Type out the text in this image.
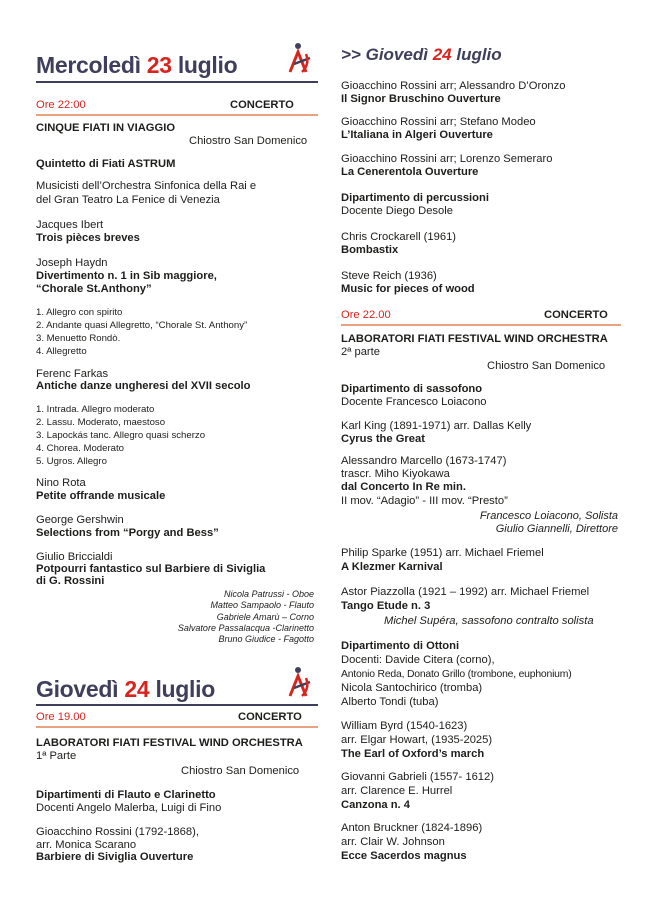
Mercoledì 23 luglio
Ore 22:00	CONCERTO
CINQUE FIATI IN VIAGGIO
Chiostro San Domenico
Quintetto di Fiati ASTRUM
Musicisti dell’Orchestra Sinfonica della Rai e
del Gran Teatro La Fenice di Venezia
Jacques Ibert
Trois pièces breves
Joseph Haydn
Divertimento n. 1 in Sib maggiore,
“Chorale St.Anthony”
1. Allegro con spirito
2. Andante quasi Allegretto, “Chorale St. Anthony”
3. Menuetto Rondò.
4. Allegretto
Ferenc Farkas
Antiche danze ungheresi del XVII secolo
1. Intrada. Allegro moderato
2. Lassu. Moderato, maestoso
3. Lapockás tanc. Allegro quasi scherzo
4. Chorea. Moderato
5. Ugros. Allegro
Nino Rota
Petite offrande musicale
George Gershwin
Selections from “Porgy and Bess”
Giulio Briccialdi
Potpourri fantastico sul Barbiere di Siviglia
di G. Rossini
Nicola Patrussi - Oboe
Matteo Sampaolo - Flauto
Gabriele Amarù – Corno
Salvatore Passalacqua -Clarinetto
Bruno Giudice - Fagotto
Giovedì 24 luglio
Ore 19.00	CONCERTO
LABORATORI FIATI FESTIVAL WIND ORCHESTRA
1ª Parte
Chiostro San Domenico
Dipartimenti di Flauto e Clarinetto
Docenti Angelo Malerba, Luigi di Fino
Gioacchino Rossini (1792-1868),
arr. Monica Scarano
Barbiere di Siviglia Ouverture
>> Giovedì 24 luglio
Gioacchino Rossini arr; Alessandro D’Oronzo
Il Signor Bruschino Ouverture
Gioacchino Rossini arr; Stefano Modeo
L’Italiana in Algeri Ouverture
Gioacchino Rossini arr; Lorenzo Semeraro
La Cenerentola Ouverture
Dipartimento di percussioni
Docente Diego Desole
Chris Crockarell (1961)
Bombastix
Steve Reich (1936)
Music for pieces of wood
Ore 22.00	CONCERTO
LABORATORI FIATI FESTIVAL WIND ORCHESTRA
2ª parte
Chiostro San Domenico
Dipartimento di sassofono
Docente Francesco Loiacono
Karl King (1891-1971) arr. Dallas Kelly
Cyrus the Great
Alessandro Marcello (1673-1747)
trascr. Miho Kiyokawa
dal Concerto In Re min.
II mov. “Adagio” - III mov. “Presto”
Francesco Loiacono, Solista
Giulio Giannelli, Direttore
Philip Sparke (1951) arr. Michael Friemel
A Klezmer Karnival
Astor Piazzolla (1921 – 1992) arr. Michael Friemel
Tango Etude n. 3
Michel Supéra, sassofono contralto solista
Dipartimento di Ottoni
Docenti: Davide Citera (corno),
Antonio Reda, Donato Grillo (trombone, euphonium)
Nicola Santochirico (tromba)
Alberto Tondi (tuba)
William Byrd (1540-1623)
arr. Elgar Howart, (1935-2025)
The Earl of Oxford’s march
Giovanni Gabrieli (1557- 1612)
arr. Clarence E. Hurrel
Canzona n. 4
Anton Bruckner (1824-1896)
arr. Clair W. Johnson
Ecce Sacerdos magnus
